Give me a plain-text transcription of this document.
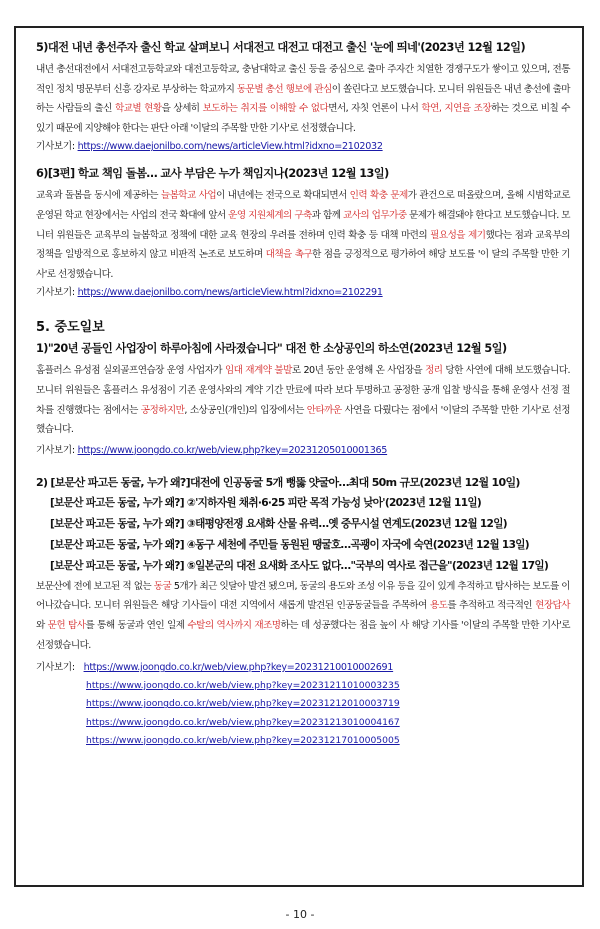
5)대전 내년 총선주자 출신 학교 살펴보니 서대전고 대전고 대전고 출신 '눈에 띄네'(2023년 12월 12일)

내년 총선대전에서 서대전고등학교와 대전고등학교, 충남대학교 출신 등을 중심으로 출마 주자간 치열한 경쟁구도가 쌓이고 있으며, 전통적인 정치 명문부터 신흥 강자로 부상하는 학교까지 동문별 총선 행보에 관심이 쏠린다고 보도했습니다. 모니터 위원들은 내년 총선에 출마하는 사람들의 출신 학교별 현황을 상세히 보도하는 취지를 이해할 수 없다면서, 자칫 언론이 나서 학연, 지연을 조장하는 것으로 비칠 수 있기 때문에 지양해야 한다는 판단 아래 '이달의 주목할 만한 기사'로 선정했습니다.

기사보기: https://www.daejonilbo.com/news/articleView.html?idxno=2102032
6)[3편] 학교 책임 돌봄… 교사 부담은 누가 책임지나(2023년 12월 13일)

교육과 돌봄을 동시에 제공하는 늘봄학교 사업이 내년에는 전국으로 확대되면서 인력 확충 문제가 관건으로 떠올랐으며, 올해 시범학교로 운영된 학교 현장에서는 사업의 전국 확대에 앞서 운영 지원체계의 구축과 함께 교사의 업무가중 문제가 해결돼야 한다고 보도했습니다. 모니터 위원들은 교육부의 늘봄학교 정책에 대한 교육 현장의 우려를 전하며 인력 확충 등 대책 마련의 필요성을 제기했다는 점과 교육부의 정책을 일방적으로 홍보하지 않고 비판적 논조로 보도하며 대책을 촉구한 점을 긍정적으로 평가하여 해당 보도를 '이 달의 주목할 만한 기사'로 선정했습니다.

기사보기: https://www.daejonilbo.com/news/articleView.html?idxno=2102291
5. 중도일보
1)"20년 공들인 사업장이 하루아침에 사라졌습니다" 대전 한 소상공인의 하소연(2023년 12월 5일)

홈플러스 유성점 실외골프연습장 운영 사업자가 임대 재계약 불발로 20년 동안 운영해 온 사업장을 정리 당한 사연에 대해 보도했습니다. 모니터 위원들은 홈플러스 유성점이 기존 운영사와의 계약 기간 만료에 따라 보다 투명하고 공정한 공개 입찰 방식을 통해 운영사 선정 절차를 진행했다는 점에서는 공정하지만, 소상공인(개인)의 입장에서는 안타까운 사연을 다뤘다는 점에서 '이달의 주목할 만한 기사'로 선정했습니다.

기사보기: https://www.joongdo.co.kr/web/view.php?key=20231205010001365
2) [보문산 파고든 동굴, 누가 왜?]대전에 인공동굴 5개 뻥뚫 얏굴아…최대 50m 규모(2023년 12월 10일)
[보문산 파고든 동굴, 누가 왜?] ②'지하자원 채취·6·25 피란 목적 가능성 낮아'(2023년 12월 11일)
[보문산 파고든 동굴, 누가 왜?] ③태평양전쟁 요새화 산물 유력…옛 중무시설 연계도(2023년 12월 12일)
[보문산 파고든 동굴, 누가 왜?] ④동구 세천에 주민들 동원된 땡굴호…곡괭이 자국에 숙연(2023년 12월 13일)
[보문산 파고든 동굴, 누가 왜?] ⑤일본군의 대전 요새화 조사도 없다…"국부의 역사로 접근을"(2023년 12월 17일)

보문산에 전에 보고된 적 없는 동굴 5개가 최근 잇달아 발견 됐으며, 동굴의 용도와 조성 이유 등을 깊이 있게 추적하고 탐사하는 보도를 이어나갔습니다. 모니터 위원들은 해당 기사들이 대전 지역에서 새롭게 발견된 인공동굴들을 주목하여 용도를 추적하고 적극적인 현장답사와 문헌 탐사를 통해 동굴과 연인 일제 수탈의 역사까지 재조명하는 데 성공했다는 점을 높이 사 해당 기사를 '이달의 주목할 만한 기사'로 선정했습니다.

기사보기: https://www.joongdo.co.kr/web/view.php?key=20231210010002691
https://www.joongdo.co.kr/web/view.php?key=20231211010003235
https://www.joongdo.co.kr/web/view.php?key=20231212010003719
https://www.joongdo.co.kr/web/view.php?key=20231213010004167
https://www.joongdo.co.kr/web/view.php?key=20231217010005005
- 10 -
